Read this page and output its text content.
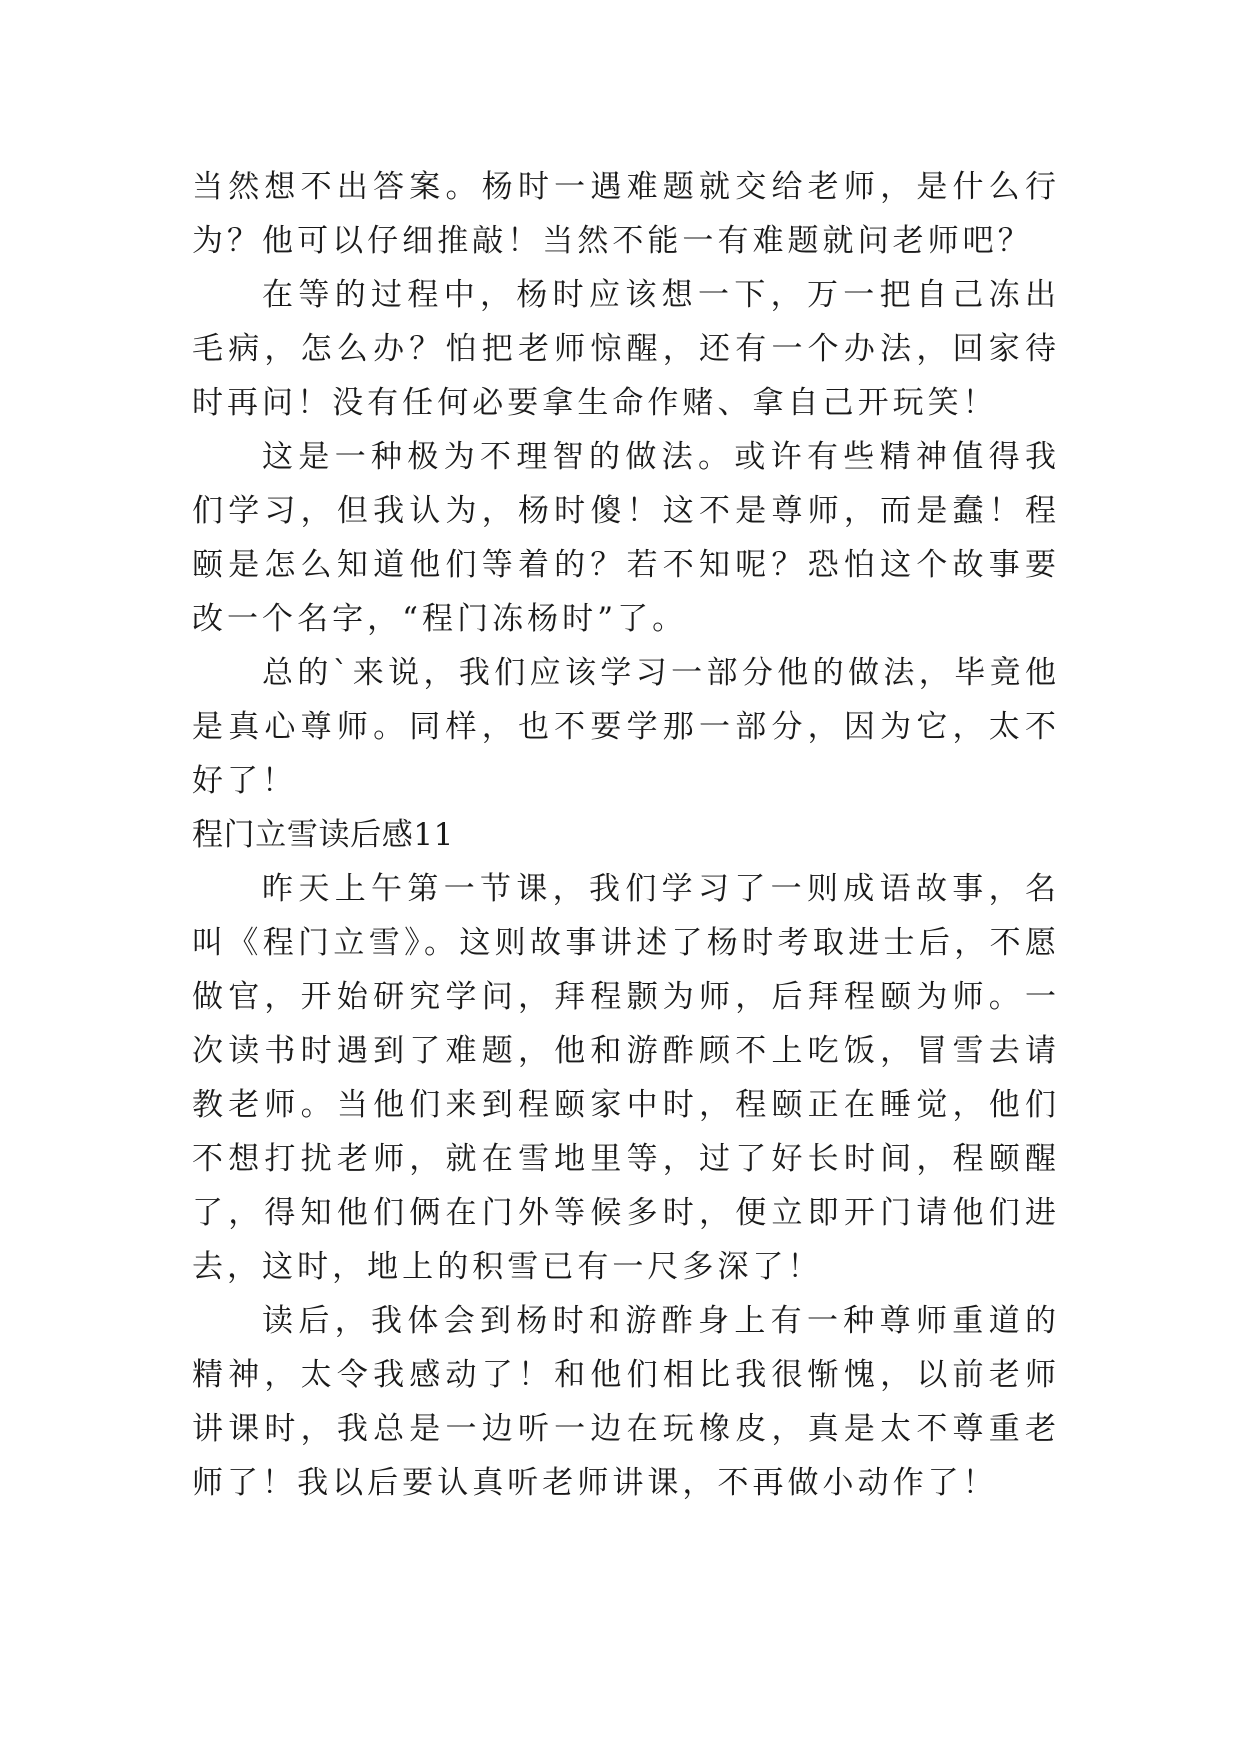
当然想不出答案。杨时一遇难题就交给老师，是什么行为？他可以仔细推敲！当然不能一有难题就问老师吧？

在等的过程中，杨时应该想一下，万一把自己冻出毛病，怎么办？怕把老师惊醒，还有一个办法，回家待时再问！没有任何必要拿生命作赌、拿自己开玩笑！

这是一种极为不理智的做法。或许有些精神值得我们学习，但我认为，杨时傻！这不是尊师，而是蠢！程颐是怎么知道他们等着的？若不知呢？恐怕这个故事要改一个名字，“程门冻杨时”了。

总的`来说，我们应该学习一部分他的做法，毕竟他是真心尊师。同样，也不要学那一部分，因为它，太不好了！

程门立雪读后感11

昨天上午第一节课，我们学习了一则成语故事，名叫《程门立雪》。这则故事讲述了杨时考取进士后，不愿做官，开始研究学问，拜程颢为师，后拜程颐为师。一次读书时遇到了难题，他和游酢顾不上吃饭，冒雪去请教老师。当他们来到程颐家中时，程颐正在睡觉，他们不想打扰老师，就在雪地里等，过了好长时间，程颐醒了，得知他们俩在门外等候多时，便立即开门请他们进去，这时，地上的积雪已有一尺多深了！

读后，我体会到杨时和游酢身上有一种尊师重道的精神，太令我感动了！和他们相比我很惭愧，以前老师讲课时，我总是一边听一边在玩橡皮，真是太不尊重老师了！我以后要认真听老师讲课，不再做小动作了！
